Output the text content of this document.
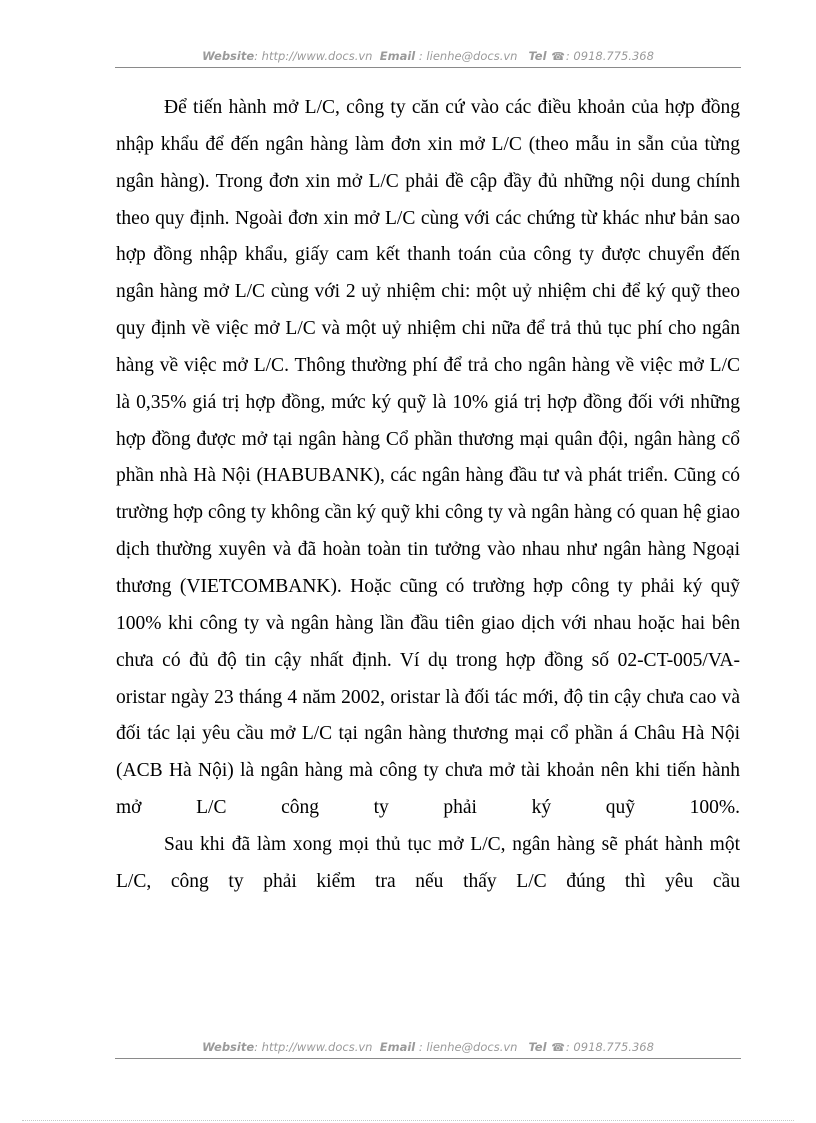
Website: http://www.docs.vn Email : lienhe@docs.vn Tel ☎: 0918.775.368

Để tiến hành mở L/C, công ty căn cứ vào các điều khoản của hợp đồng nhập khẩu để đến ngân hàng làm đơn xin mở L/C (theo mẫu in sẵn của từng ngân hàng). Trong đơn xin mở L/C phải đề cập đầy đủ những nội dung chính theo quy định. Ngoài đơn xin mở L/C cùng với các chứng từ khác như bản sao hợp đồng nhập khẩu, giấy cam kết thanh toán của công ty được chuyển đến ngân hàng mở L/C cùng với 2 uỷ nhiệm chi: một uỷ nhiệm chi để ký quỹ theo quy định về việc mở L/C và một uỷ nhiệm chi nữa để trả thủ tục phí cho ngân hàng về việc mở L/C. Thông thường phí để trả cho ngân hàng về việc mở L/C là 0,35% giá trị hợp đồng, mức ký quỹ là 10% giá trị hợp đồng đối với những hợp đồng được mở tại ngân hàng Cổ phần thương mại quân đội, ngân hàng cổ phần nhà Hà Nội (HABUBANK), các ngân hàng đầu tư và phát triển. Cũng có trường hợp công ty không cần ký quỹ khi công ty và ngân hàng có quan hệ giao dịch thường xuyên và đã hoàn toàn tin tưởng vào nhau như ngân hàng Ngoại thương (VIETCOMBANK). Hoặc cũng có trường hợp công ty phải ký quỹ 100% khi công ty và ngân hàng lần đầu tiên giao dịch với nhau hoặc hai bên chưa có đủ độ tin cậy nhất định. Ví dụ trong hợp đồng số 02-CT-005/VA-

oristar ngày 23 tháng 4 năm 2002, oristar là đối tác mới, độ tin cậy chưa cao và đối tác lại yêu cầu mở L/C tại ngân hàng thương mại cổ phần á Châu Hà Nội (ACB Hà Nội) là ngân hàng mà công ty chưa mở tài khoản nên khi tiến hành mở L/C công ty phải ký quỹ 100%.

Sau khi đã làm xong mọi thủ tục mở L/C, ngân hàng sẽ phát hành một L/C, công ty phải kiểm tra nếu thấy L/C đúng thì yêu cầu

Website: http://www.docs.vn Email : lienhe@docs.vn Tel ☎: 0918.775.368
